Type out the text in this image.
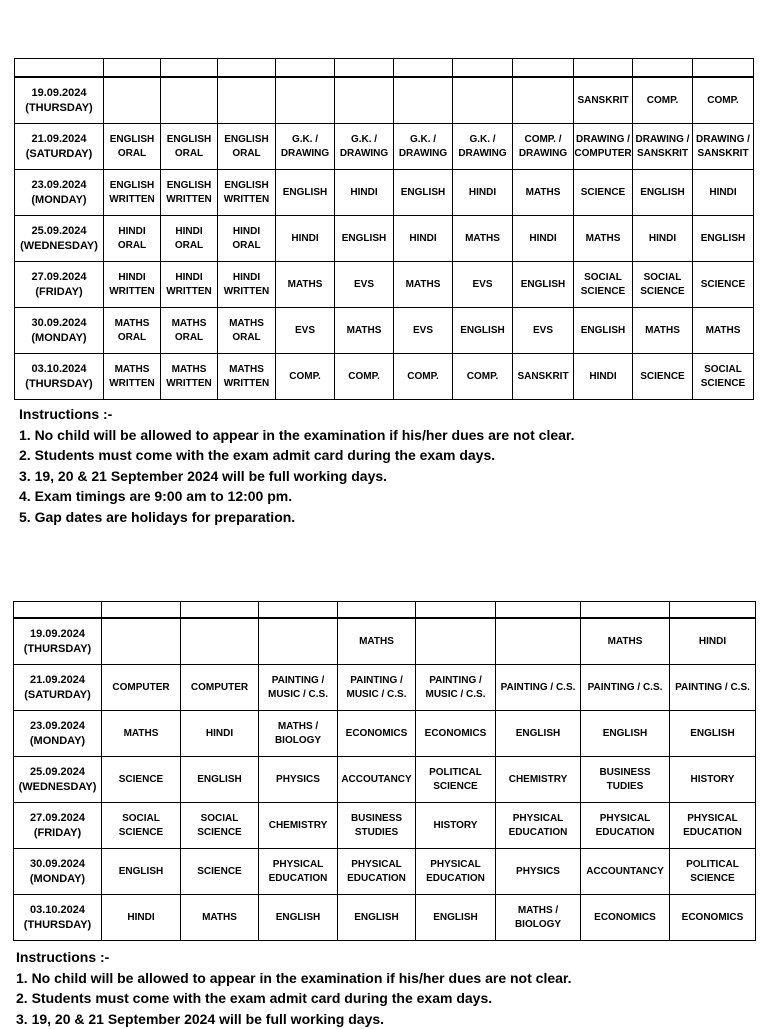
19.09.2024
(THURSDAY)									SANSKRIT	COMP.	COMP.

21.09.2024
(SATURDAY)	ENGLISH ORAL	ENGLISH ORAL	ENGLISH ORAL	G.K. / DRAWING	G.K. / DRAWING	G.K. / DRAWING	G.K. / DRAWING	COMP. / DRAWING	DRAWING / COMPUTER	DRAWING / SANSKRIT	DRAWING / SANSKRIT

23.09.2024
(MONDAY)	ENGLISH WRITTEN	ENGLISH WRITTEN	ENGLISH WRITTEN	ENGLISH	HINDI	ENGLISH	HINDI	MATHS	SCIENCE	ENGLISH	HINDI

25.09.2024
(WEDNESDAY)	HINDI ORAL	HINDI ORAL	HINDI ORAL	HINDI	ENGLISH	HINDI	MATHS	HINDI	MATHS	HINDI	ENGLISH

27.09.2024
(FRIDAY)	HINDI WRITTEN	HINDI WRITTEN	HINDI WRITTEN	MATHS	EVS	MATHS	EVS	ENGLISH	SOCIAL SCIENCE	SOCIAL SCIENCE	SCIENCE

30.09.2024
(MONDAY)	MATHS ORAL	MATHS ORAL	MATHS ORAL	EVS	MATHS	EVS	ENGLISH	EVS	ENGLISH	MATHS	MATHS

03.10.2024
(THURSDAY)	MATHS WRITTEN	MATHS WRITTEN	MATHS WRITTEN	COMP.	COMP.	COMP.	COMP.	SANSKRIT	HINDI	SCIENCE	SOCIAL SCIENCE
Instructions :-
1. No child will be allowed to appear in the examination if his/her dues are not clear.
2. Students must come with the exam admit card during the exam days.
3. 19, 20 & 21 September 2024 will be full working days.
4. Exam timings are 9:00 am to 12:00 pm.
5. Gap dates are holidays for preparation.

19.09.2024
(THURSDAY)				MATHS			MATHS	HINDI

21.09.2024
(SATURDAY)	COMPUTER	COMPUTER	PAINTING / MUSIC / C.S.	PAINTING / MUSIC / C.S.	PAINTING / MUSIC / C.S.	PAINTING / C.S.	PAINTING / C.S.	PAINTING / C.S.

23.09.2024
(MONDAY)	MATHS	HINDI	MATHS / BIOLOGY	ECONOMICS	ECONOMICS	ENGLISH	ENGLISH	ENGLISH

25.09.2024
(WEDNESDAY)	SCIENCE	ENGLISH	PHYSICS	ACCOUTANCY	POLITICAL SCIENCE	CHEMISTRY	BUSINESS TUDIES	HISTORY

27.09.2024
(FRIDAY)	SOCIAL SCIENCE	SOCIAL SCIENCE	CHEMISTRY	BUSINESS STUDIES	HISTORY	PHYSICAL EDUCATION	PHYSICAL EDUCATION	PHYSICAL EDUCATION

30.09.2024
(MONDAY)	ENGLISH	SCIENCE	PHYSICAL EDUCATION	PHYSICAL EDUCATION	PHYSICAL EDUCATION	PHYSICS	ACCOUNTANCY	POLITICAL SCIENCE

03.10.2024
(THURSDAY)	HINDI	MATHS	ENGLISH	ENGLISH	ENGLISH	MATHS / BIOLOGY	ECONOMICS	ECONOMICS
Instructions :-
1. No child will be allowed to appear in the examination if his/her dues are not clear.
2. Students must come with the exam admit card during the exam days.
3. 19, 20 & 21 September 2024 will be full working days.
